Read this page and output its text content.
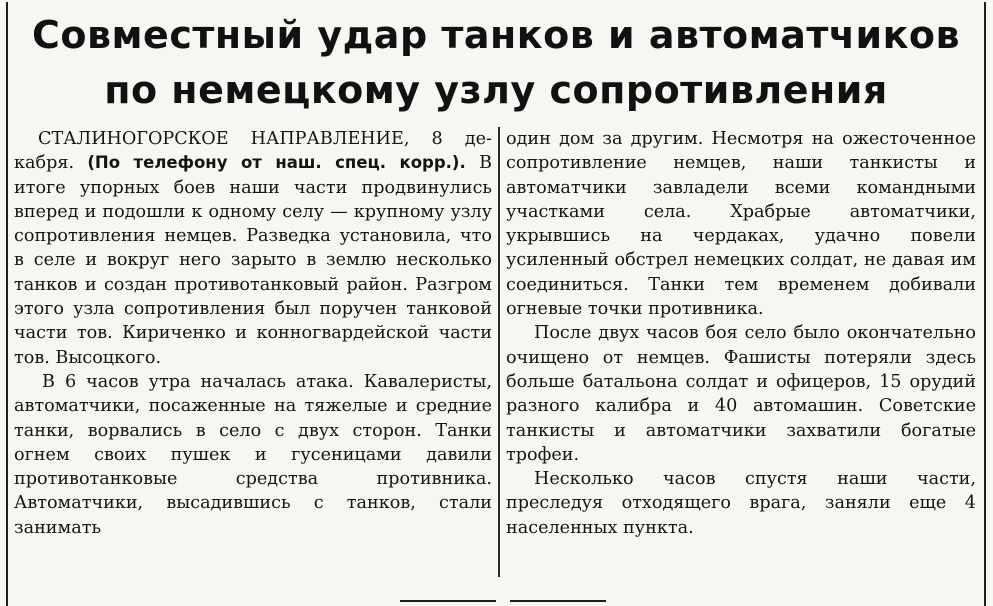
Совместный удар танков и автоматчиков
по немецкому узлу сопротивления

СТАЛИНОГОРСКОЕ НАПРАВЛЕНИЕ, 8 де-кабря. (По телефону от наш. спец. корр.). В итоге упорных боев наши части продвинулись вперед и подошли к одному селу — крупному узлу сопротивления немцев. Разведка установила, что в селе и вокруг него зарыто в землю несколько танков и создан противотанковый район. Разгром этого узла сопротивления был поручен танковой части тов. Кириченко и конногвардейской части тов. Высоцкого.

В 6 часов утра началась атака. Кавалеристы, автоматчики, посаженные на тяжелые и средние танки, ворвались в село с двух сторон. Танки огнем своих пушек и гусеницами давили противотанковые средства противника. Автоматчики, высадившись с танков, стали занимать

один дом за другим. Несмотря на ожесточенное сопротивление немцев, наши танкисты и автоматчики завладели всеми командными участками села. Храбрые автоматчики, укрывшись на чердаках, удачно повели усиленный обстрел немецких солдат, не давая им соединиться. Танки тем временем добивали огневые точки противника.

После двух часов боя село было окончательно очищено от немцев. Фашисты потеряли здесь больше батальона солдат и офицеров, 15 орудий разного калибра и 40 автомашин. Советские танкисты и автоматчики захватили богатые трофеи.

Несколько часов спустя наши части, преследуя отходящего врага, заняли еще 4 населенных пункта.
